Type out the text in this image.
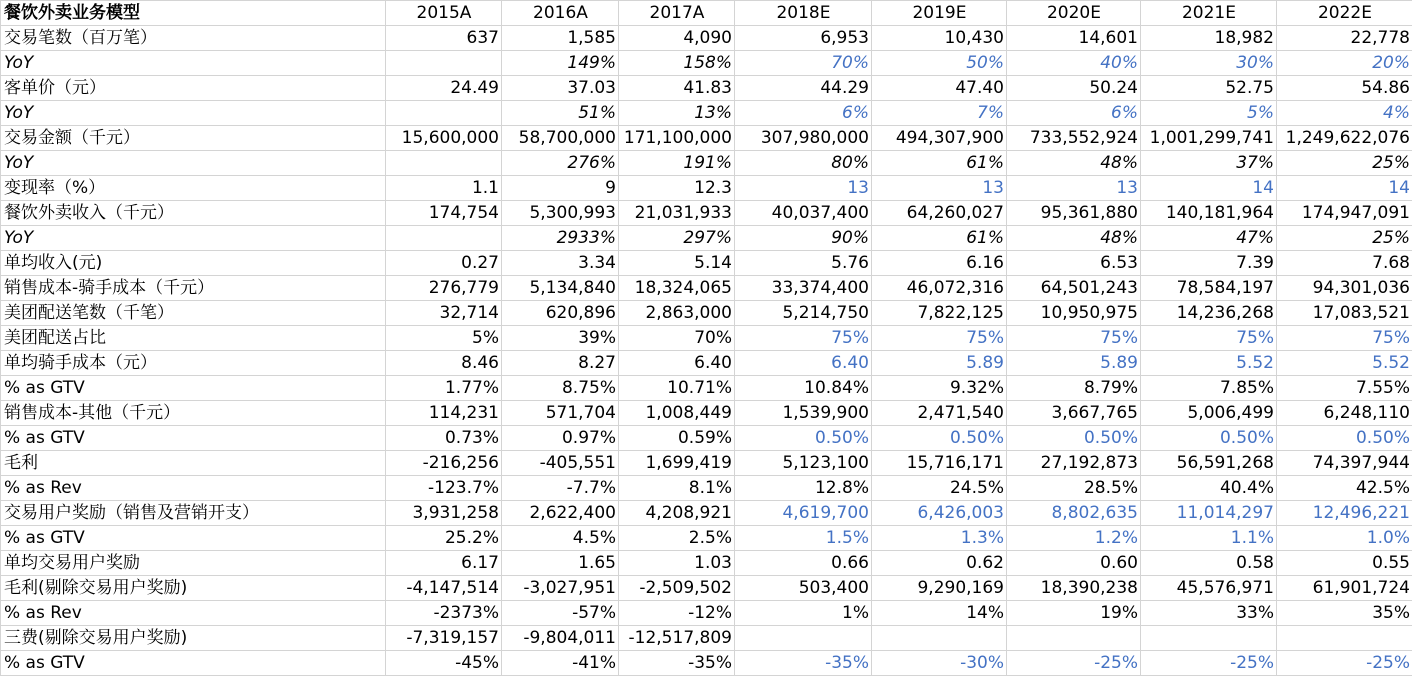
餐饮外卖业务模型	2015A	2016A	2017A	2018E	2019E	2020E	2021E	2022E
交易笔数（百万笔）	637	1,585	4,090	6,953	10,430	14,601	18,982	22,778
YoY		149%	158%	70%	50%	40%	30%	20%
客单价（元）	24.49	37.03	41.83	44.29	47.40	50.24	52.75	54.86
YoY		51%	13%	6%	7%	6%	5%	4%
交易金额（千元）	15,600,000	58,700,000	171,100,000	307,980,000	494,307,900	733,552,924	1,001,299,741	1,249,622,076
YoY		276%	191%	80%	61%	48%	37%	25%
变现率（%）	1.1	9	12.3	13	13	13	14	14
餐饮外卖收入（千元）	174,754	5,300,993	21,031,933	40,037,400	64,260,027	95,361,880	140,181,964	174,947,091
YoY		2933%	297%	90%	61%	48%	47%	25%
单均收入(元)	0.27	3.34	5.14	5.76	6.16	6.53	7.39	7.68
销售成本-骑手成本（千元）	276,779	5,134,840	18,324,065	33,374,400	46,072,316	64,501,243	78,584,197	94,301,036
美团配送笔数（千笔）	32,714	620,896	2,863,000	5,214,750	7,822,125	10,950,975	14,236,268	17,083,521
美团配送占比	5%	39%	70%	75%	75%	75%	75%	75%
单均骑手成本（元）	8.46	8.27	6.40	6.40	5.89	5.89	5.52	5.52
% as GTV	1.77%	8.75%	10.71%	10.84%	9.32%	8.79%	7.85%	7.55%
销售成本-其他（千元）	114,231	571,704	1,008,449	1,539,900	2,471,540	3,667,765	5,006,499	6,248,110
% as GTV	0.73%	0.97%	0.59%	0.50%	0.50%	0.50%	0.50%	0.50%
毛利	-216,256	-405,551	1,699,419	5,123,100	15,716,171	27,192,873	56,591,268	74,397,944
% as Rev	-123.7%	-7.7%	8.1%	12.8%	24.5%	28.5%	40.4%	42.5%
交易用户奖励（销售及营销开支）	3,931,258	2,622,400	4,208,921	4,619,700	6,426,003	8,802,635	11,014,297	12,496,221
% as GTV	25.2%	4.5%	2.5%	1.5%	1.3%	1.2%	1.1%	1.0%
单均交易用户奖励	6.17	1.65	1.03	0.66	0.62	0.60	0.58	0.55
毛利(剔除交易用户奖励)	-4,147,514	-3,027,951	-2,509,502	503,400	9,290,169	18,390,238	45,576,971	61,901,724
% as Rev	-2373%	-57%	-12%	1%	14%	19%	33%	35%
三费(剔除交易用户奖励)	-7,319,157	-9,804,011	-12,517,809					
% as GTV	-45%	-41%	-35%	-35%	-30%	-25%	-25%	-25%
